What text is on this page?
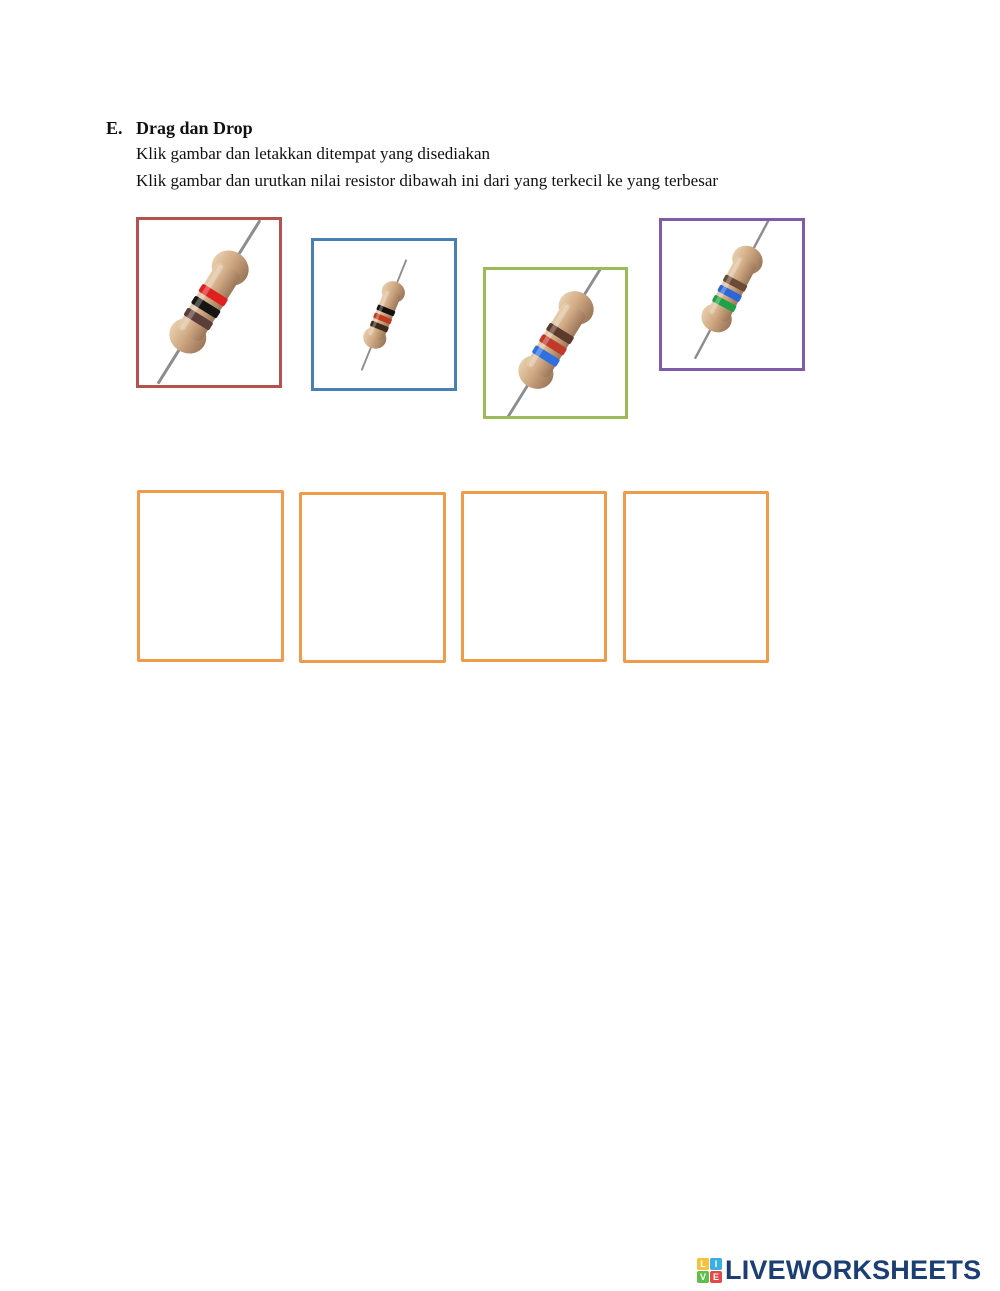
E. Drag dan Drop
Klik gambar dan letakkan ditempat yang disediakan
Klik gambar dan urutkan nilai resistor dibawah ini dari yang terkecil ke yang terbesar
L I
V E LIVEWORKSHEETS
